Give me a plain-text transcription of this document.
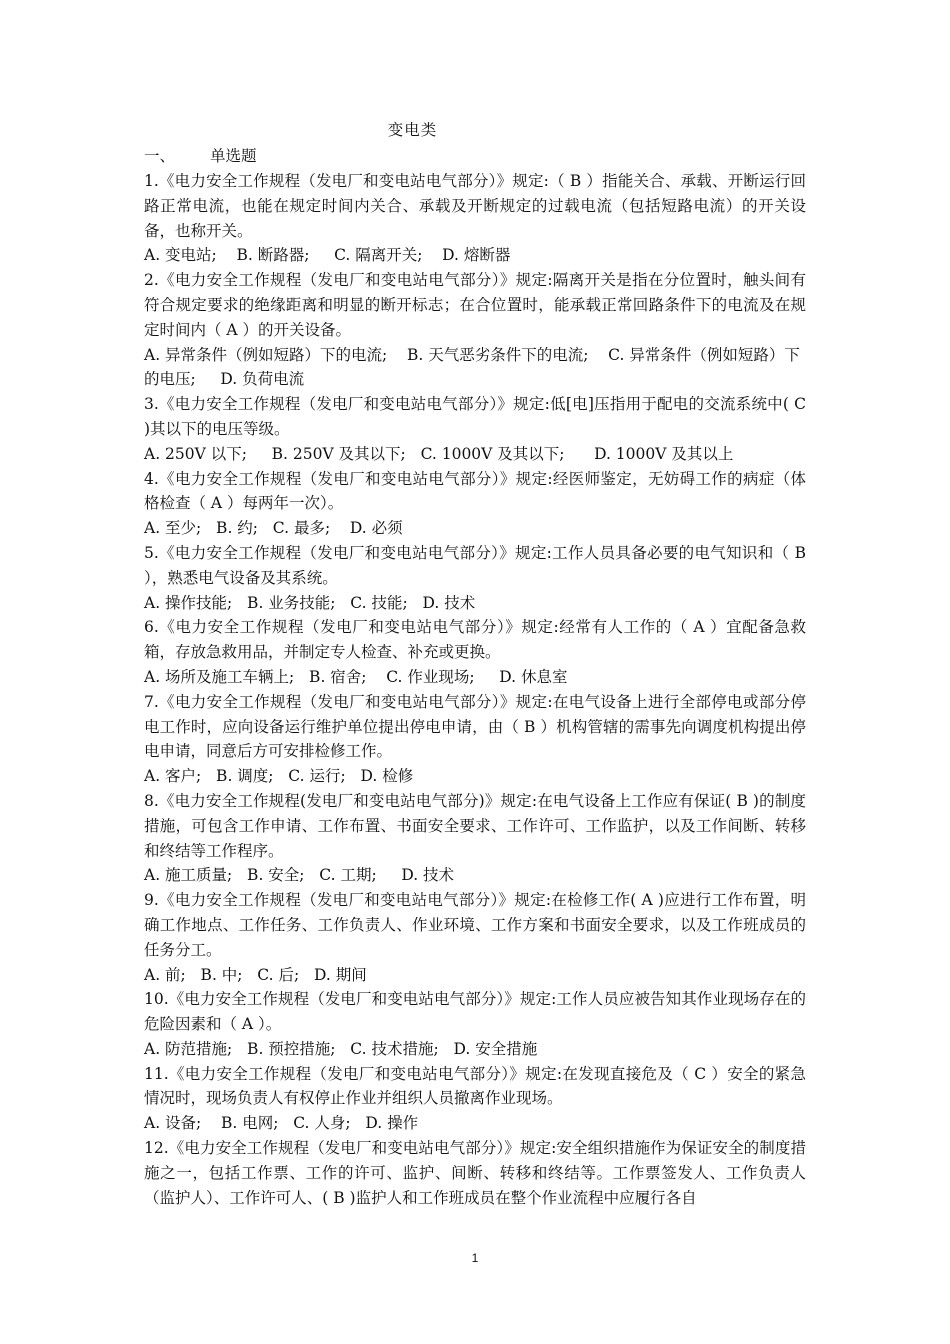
变电类
一、 单选题

1.《电力安全工作规程（发电厂和变电站电气部分）》规定:（ B ）指能关合、承载、开断运行回路正常电流，也能在规定时间内关合、承载及开断规定的过载电流（包括短路电流）的开关设备，也称开关。

A. 变电站;    B. 断路器;     C. 隔离开关;    D. 熔断器

2.《电力安全工作规程（发电厂和变电站电气部分）》规定:隔离开关是指在分位置时，触头间有符合规定要求的绝缘距离和明显的断开标志；在合位置时，能承载正常回路条件下的电流及在规定时间内（ A ）的开关设备。

A. 异常条件（例如短路）下的电流;    B. 天气恶劣条件下的电流;    C. 异常条件（例如短路）下的电压;     D. 负荷电流

3.《电力安全工作规程（发电厂和变电站电气部分）》规定:低[电]压指用于配电的交流系统中( C )其以下的电压等级。

A. 250V 以下;     B. 250V 及其以下;   C. 1000V 及其以下;      D. 1000V 及其以上

4.《电力安全工作规程（发电厂和变电站电气部分）》规定:经医师鉴定，无妨碍工作的病症（体格检查（ A ）每两年一次）。

A. 至少;   B. 约;   C. 最多;    D. 必须

5.《电力安全工作规程（发电厂和变电站电气部分）》规定:工作人员具备必要的电气知识和（ B ），熟悉电气设备及其系统。

A. 操作技能;   B. 业务技能;   C. 技能;   D. 技术

6.《电力安全工作规程（发电厂和变电站电气部分）》规定:经常有人工作的（ A ）宜配备急救箱，存放急救用品，并制定专人检查、补充或更换。

A. 场所及施工车辆上;   B. 宿舍;    C. 作业现场;     D. 休息室

7.《电力安全工作规程（发电厂和变电站电气部分）》规定:在电气设备上进行全部停电或部分停电工作时，应向设备运行维护单位提出停电申请，由（ B ）机构管辖的需事先向调度机构提出停电申请，同意后方可安排检修工作。

A. 客户;   B. 调度;   C. 运行;   D. 检修

8.《电力安全工作规程(发电厂和变电站电气部分)》规定:在电气设备上工作应有保证( B )的制度措施，可包含工作申请、工作布置、书面安全要求、工作许可、工作监护，以及工作间断、转移和终结等工作程序。

A. 施工质量;   B. 安全;   C. 工期;     D. 技术

9.《电力安全工作规程（发电厂和变电站电气部分）》规定:在检修工作( A )应进行工作布置，明确工作地点、工作任务、工作负责人、作业环境、工作方案和书面安全要求，以及工作班成员的任务分工。

A. 前;   B. 中;   C. 后;   D. 期间

10.《电力安全工作规程（发电厂和变电站电气部分）》规定:工作人员应被告知其作业现场存在的危险因素和（ A ）。

A. 防范措施;   B. 预控措施;   C. 技术措施;   D. 安全措施

11.《电力安全工作规程（发电厂和变电站电气部分）》规定:在发现直接危及（ C ）安全的紧急情况时，现场负责人有权停止作业并组织人员撤离作业现场。

A. 设备;    B. 电网;   C. 人身;   D. 操作

12.《电力安全工作规程（发电厂和变电站电气部分）》规定:安全组织措施作为保证安全的制度措施之一，包括工作票、工作的许可、监护、间断、转移和终结等。工作票签发人、工作负责人（监护人）、工作许可人、( B )监护人和工作班成员在整个作业流程中应履行各自

1
